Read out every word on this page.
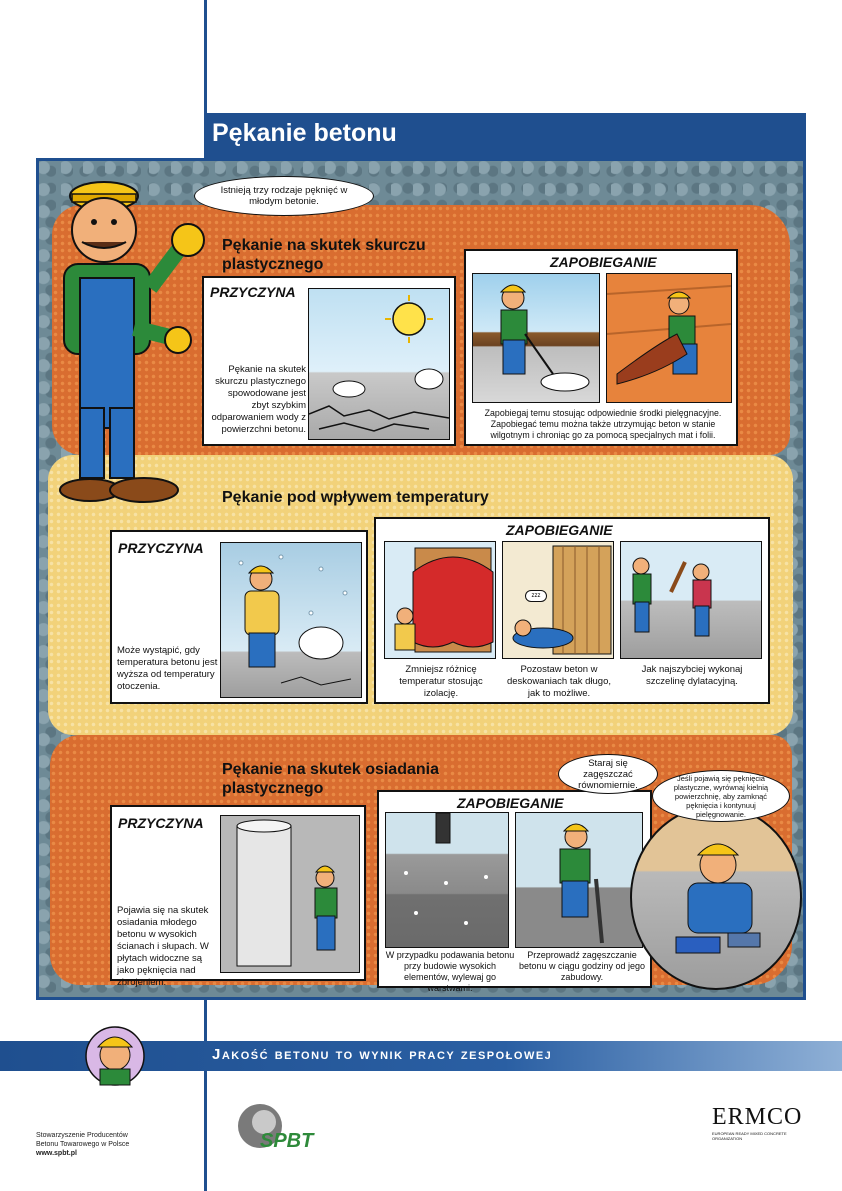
Pękanie betonu
Istnieją trzy rodzaje pęknięć w młodym betonie.
Pękanie na skutek skurczu plastycznego
PRZYCZYNA
Pękanie na skutek skurczu plastycznego spowodowane jest zbyt szybkim odparowaniem wody z powierzchni betonu.
ZAPOBIEGANIE
Zapobiegaj temu stosując odpowiednie środki pielęgnacyjne. Zapobiegać temu można także utrzymując beton w stanie wilgotnym i chroniąc go za pomocą specjalnych mat i folii.
Pękanie pod wpływem temperatury
PRZYCZYNA
Może wystąpić, gdy temperatura betonu jest wyższa od temperatury otoczenia.
ZAPOBIEGANIE
zzz
Zmniejsz różnicę temperatur stosując izolację.
Pozostaw beton w deskowaniach tak długo, jak to możliwe.
Jak najszybciej wykonaj szczelinę dylatacyjną.
Pękanie na skutek osiadania plastycznego
PRZYCZYNA
Pojawia się na skutek osiadania młodego betonu w wysokich ścianach i słupach. W płytach widoczne są jako pęknięcia nad zbrojeniem.
ZAPOBIEGANIE
W przypadku podawania betonu przy budowie wysokich elementów, wylewaj go warstwami.
Przeprowadź zagęszczanie betonu w ciągu godziny od jego zabudowy.
Staraj się zagęszczać równomiernie.
Jeśli pojawią się pęknięcia plastyczne, wyrównaj kielnią powierzchnię, aby zamknąć pęknięcia i kontynuuj pielęgnowanie.
Jakość betonu to wynik pracy zespołowej
Stowarzyszenie Producentów
Betonu Towarowego w Polsce
www.spbt.pl
SPBT
ERMCO
EUROPEAN READY MIXED CONCRETE ORGANIZATION
